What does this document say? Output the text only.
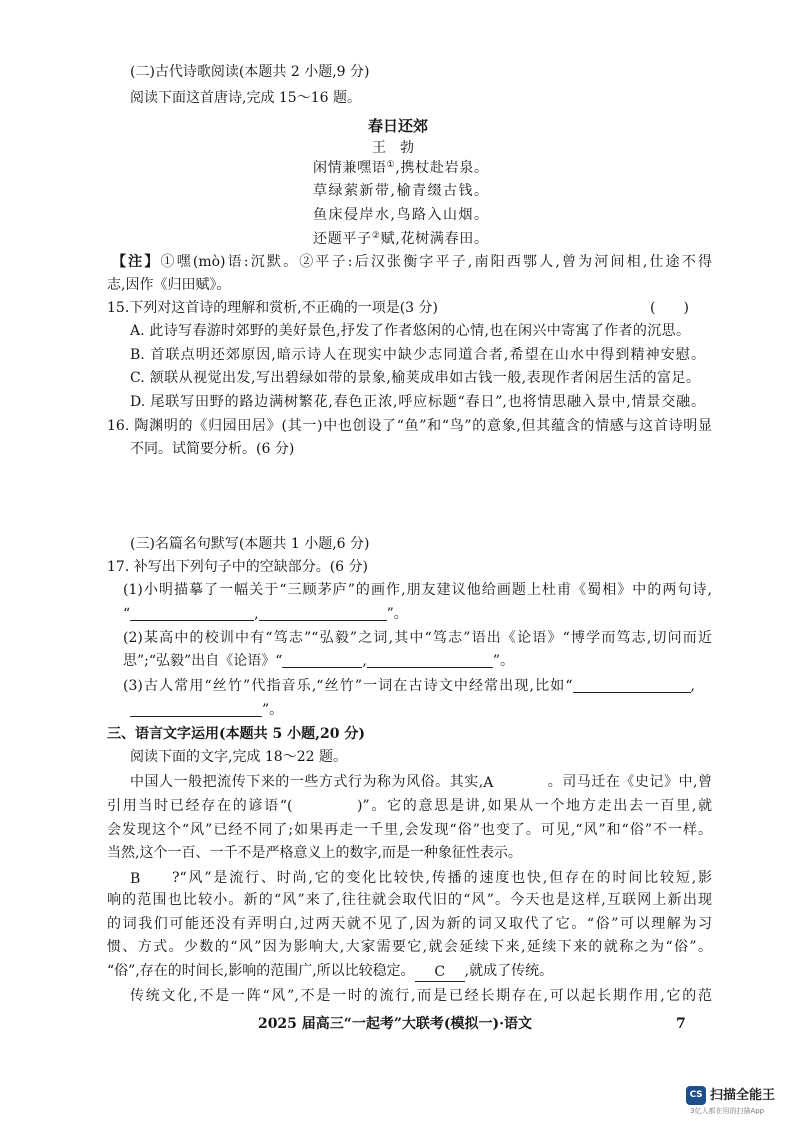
(二)古代诗歌阅读(本题共 2 小题,9 分)
阅读下面这首唐诗,完成 15～16 题。
春日还郊
王　勃
闲情兼嘿语①,携杖赴岩泉。
草绿萦新带,榆青缀古钱。
鱼床侵岸水,鸟路入山烟。
还题平子②赋,花树满春田。
【注】①嘿(mò)语:沉默。②平子:后汉张衡字平子,南阳西鄂人,曾为河间相,仕途不得
志,因作《归田赋》。
15.下列对这首诗的理解和赏析,不正确的一项是(3 分)	(　　)
A. 此诗写春游时郊野的美好景色,抒发了作者悠闲的心情,也在闲兴中寄寓了作者的沉思。
B. 首联点明还郊原因,暗示诗人在现实中缺少志同道合者,希望在山水中得到精神安慰。
C. 颔联从视觉出发,写出碧绿如带的景象,榆荚成串如古钱一般,表现作者闲居生活的富足。
D. 尾联写田野的路边满树繁花,春色正浓,呼应标题“春日”,也将情思融入景中,情景交融。
16. 陶渊明的《归园田居》(其一)中也创设了“鱼”和“鸟”的意象,但其蕴含的情感与这首诗明显
不同。试简要分析。(6 分)
(三)名篇名句默写(本题共 1 小题,6 分)
17. 补写出下列句子中的空缺部分。(6 分)
(1)小明描摹了一幅关于“三顾茅庐”的画作,朋友建议他给画题上杜甫《蜀相》中的两句诗,
“	,	”。
(2)某高中的校训中有“笃志”“弘毅”之词,其中“笃志”语出《论语》“博学而笃志,切问而近
思”;“弘毅”出自《论语》“	,	”。
(3)古人常用“丝竹”代指音乐,“丝竹”一词在古诗文中经常出现,比如“	,
”。
三、语言文字运用(本题共 5 小题,20 分)
阅读下面的文字,完成 18～22 题。
中国人一般把流传下来的一些方式行为称为风俗。其实,A	。司马迁在《史记》中,曾
引用当时已经存在的谚语“(　　　　)”。它的意思是讲,如果从一个地方走出去一百里,就
会发现这个“风”已经不同了;如果再走一千里,会发现“俗”也变了。可见,“风”和“俗”不一样。
当然,这个一百、一千不是严格意义上的数字,而是一种象征性表示。
B ?“风”是流行、时尚,它的变化比较快,传播的速度也快,但存在的时间比较短,影
响的范围也比较小。新的“风”来了,往往就会取代旧的“风”。今天也是这样,互联网上新出现
的词我们可能还没有弄明白,过两天就不见了,因为新的词又取代了它。“俗”可以理解为习
惯、方式。少数的“风”因为影响大,大家需要它,就会延续下来,延续下来的就称之为“俗”。
“俗”,存在的时间长,影响的范围广,所以比较稳定。 C ,就成了传统。
传统文化,不是一阵“风”,不是一时的流行,而是已经长期存在,可以起长期作用,它的范
2025 届高三“一起考”大联考(模拟一)·语文	7
CS 扫描全能王
3亿人都在用的扫描App
